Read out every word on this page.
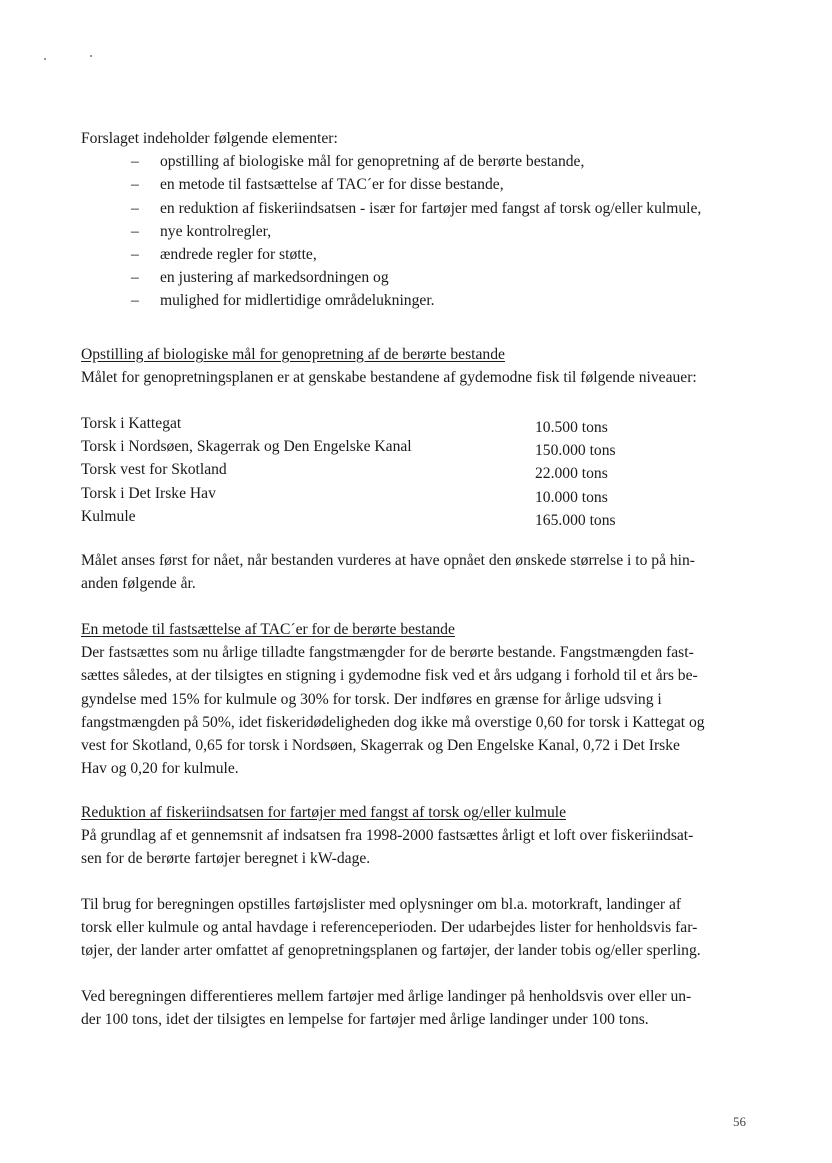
Forslaget indeholder følgende elementer:

– opstilling af biologiske mål for genopretning af de berørte bestande,
– en metode til fastsættelse af TAC´er for disse bestande,
– en reduktion af fiskeriindsatsen - især for fartøjer med fangst af torsk og/eller kulmule,
– nye kontrolregler,
– ændrede regler for støtte,
– en justering af markedsordningen og
– mulighed for midlertidige områdelukninger.

Opstilling af biologiske mål for genopretning af de berørte bestande

Målet for genopretningsplanen er at genskabe bestandene af gydemodne fisk til følgende niveauer:

Torsk i Kattegat	10.500 tons
Torsk i Nordsøen, Skagerrak og Den Engelske Kanal	150.000 tons
Torsk vest for Skotland	22.000 tons
Torsk i Det Irske Hav	10.000 tons
Kulmule	165.000 tons

Målet anses først for nået, når bestanden vurderes at have opnået den ønskede størrelse i to på hin-

anden følgende år.

En metode til fastsættelse af TAC´er for de berørte bestande

Der fastsættes som nu årlige tilladte fangstmængder for de berørte bestande. Fangstmængden fast-

sættes således, at der tilsigtes en stigning i gydemodne fisk ved et års udgang i forhold til et års be-

gyndelse med 15% for kulmule og 30% for torsk. Der indføres en grænse for årlige udsving i

fangstmængden på 50%, idet fiskeridødeligheden dog ikke må overstige 0,60 for torsk i Kattegat og

vest for Skotland, 0,65 for torsk i Nordsøen, Skagerrak og Den Engelske Kanal, 0,72 i Det Irske

Hav og 0,20 for kulmule.

Reduktion af fiskeriindsatsen for fartøjer med fangst af torsk og/eller kulmule

På grundlag af et gennemsnit af indsatsen fra 1998-2000 fastsættes årligt et loft over fiskeriindsat-

sen for de berørte fartøjer beregnet i kW-dage.

Til brug for beregningen opstilles fartøjslister med oplysninger om bl.a. motorkraft, landinger af

torsk eller kulmule og antal havdage i referenceperioden. Der udarbejdes lister for henholdsvis far-

tøjer, der lander arter omfattet af genopretningsplanen og fartøjer, der lander tobis og/eller sperling.

Ved beregningen differentieres mellem fartøjer med årlige landinger på henholdsvis over eller un-

der 100 tons, idet der tilsigtes en lempelse for fartøjer med årlige landinger under 100 tons.

56
